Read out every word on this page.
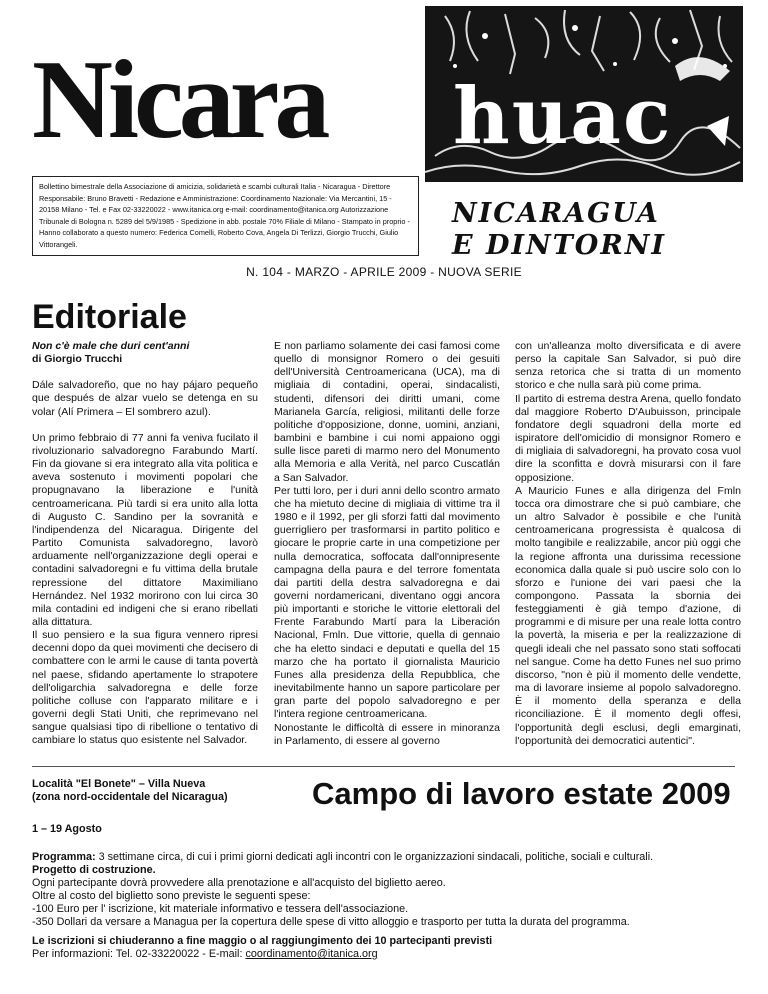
Nicara huac
Bollettino bimestrale della Associazione di amicizia, solidarietà e scambi culturali Italia - Nicaragua - Direttore Responsabile: Bruno Bravetti - Redazione e Amministrazione: Coordinamento Nazionale: Via Mercantini, 15 - 20158 Milano - Tel. e Fax 02-33220022 - www.itanica.org e-mail: coordinamento@itanica.org Autorizzazione Tribunale di Bologna n. 5289 del 5/9/1985 - Spedizione in abb. postale 70% Filiale di Milano - Stampato in proprio - Hanno collaborato a questo numero: Federica Comelli, Roberto Cova, Angela Di Terlizzi, Giorgio Trucchi, Giulio Vittorangeli.
NICARAGUA
E DINTORNI
N. 104 - MARZO - APRILE 2009 - NUOVA SERIE
Editoriale

Non c'è male che duri cent'anni

di Giorgio Trucchi

Dále salvadoreño, que no hay pájaro pequeño que después de alzar vuelo se detenga en su volar (Alí Primera – El sombrero azul).

Un primo febbraio di 77 anni fa veniva fucilato il rivoluzionario salvadoregno Farabundo Martí. Fin da giovane si era integrato alla vita politica e aveva sostenuto i movimenti popolari che propugnavano la liberazione e l'unità centroamericana. Più tardi si era unito alla lotta di Augusto C. Sandino per la sovranità e l'indipendenza del Nicaragua. Dirigente del Partito Comunista salvadoregno, lavorò arduamente nell'organizzazione degli operai e contadini salvadoregni e fu vittima della brutale repressione del dittatore Maximiliano Hernández. Nel 1932 morirono con lui circa 30 mila contadini ed indigeni che si erano ribellati alla dittatura.

Il suo pensiero e la sua figura vennero ripresi decenni dopo da quei movimenti che decisero di combattere con le armi le cause di tanta povertà nel paese, sfidando apertamente lo strapotere dell'oligarchia salvadoregna e delle forze politiche colluse con l'apparato militare e i governi degli Stati Uniti, che reprimevano nel sangue qualsiasi tipo di ribellione o tentativo di cambiare lo status quo esistente nel Salvador.

E non parliamo solamente dei casi famosi come quello di monsignor Romero o dei gesuiti dell'Università Centroamericana (UCA), ma di migliaia di contadini, operai, sindacalisti, studenti, difensori dei diritti umani, come Marianela García, religiosi, militanti delle forze politiche d'opposizione, donne, uomini, anziani, bambini e bambine i cui nomi appaiono oggi sulle lisce pareti di marmo nero del Monumento alla Memoria e alla Verità, nel parco Cuscatlán a San Salvador.

Per tutti loro, per i duri anni dello scontro armato che ha mietuto decine di migliaia di vittime tra il 1980 e il 1992, per gli sforzi fatti dal movimento guerrigliero per trasformarsi in partito politico e giocare le proprie carte in una competizione per nulla democratica, soffocata dall'onnipresente campagna della paura e del terrore fomentata dai partiti della destra salvadoregna e dai governi nordamericani, diventano oggi ancora più importanti e storiche le vittorie elettorali del Frente Farabundo Martí para la Liberación Nacional, Fmln. Due vittorie, quella di gennaio che ha eletto sindaci e deputati e quella del 15 marzo che ha portato il giornalista Mauricio Funes alla presidenza della Repubblica, che inevitabilmente hanno un sapore particolare per gran parte del popolo salvadoregno e per l'intera regione centroamericana.

Nonostante le difficoltà di essere in minoranza in Parlamento, di essere al governo

con un'alleanza molto diversificata e di avere perso la capitale San Salvador, si può dire senza retorica che si tratta di un momento storico e che nulla sarà più come prima.

Il partito di estrema destra Arena, quello fondato dal maggiore Roberto D'Aubuisson, principale fondatore degli squadroni della morte ed ispiratore dell'omicidio di monsignor Romero e di migliaia di salvadoregni, ha provato cosa vuol dire la sconfitta e dovrà misurarsi con il fare opposizione.

A Mauricio Funes e alla dirigenza del Fmln tocca ora dimostrare che si può cambiare, che un altro Salvador è possibile e che l'unità centroamericana progressista è qualcosa di molto tangibile e realizzabile, ancor più oggi che la regione affronta una durissima recessione economica dalla quale si può uscire solo con lo sforzo e l'unione dei vari paesi che la compongono. Passata la sbornia dei festeggiamenti è già tempo d'azione, di programmi e di misure per una reale lotta contro la povertà, la miseria e per la realizzazione di quegli ideali che nel passato sono stati soffocati nel sangue. Come ha detto Funes nel suo primo discorso, "non è più il momento delle vendette, ma di lavorare insieme al popolo salvadoregno. È il momento della speranza e della riconciliazione. È il momento degli offesi, l'opportunità degli esclusi, degli emarginati, l'opportunità dei democratici autentici".

Località "El Bonete" – Villa Nueva
(zona nord-occidentale del Nicaragua)	Campo di lavoro estate 2009
1 – 19 Agosto

Programma: 3 settimane circa, di cui i primi giorni dedicati agli incontri con le organizzazioni sindacali, politiche, sociali e culturali.

Progetto di costruzione.

Ogni partecipante dovrà provvedere alla prenotazione e all'acquisto del biglietto aereo.

Oltre al costo del biglietto sono previste le seguenti spese:

-100 Euro per l' iscrizione, kit materiale informativo e tessera dell'associazione.

-350 Dollari da versare a Managua per la copertura delle spese di vitto alloggio e trasporto per tutta la durata del programma.

Le iscrizioni si chiuderanno a fine maggio o al raggiungimento dei 10 partecipanti previsti
Per informazioni: Tel. 02-33220022 - E-mail: coordinamento@itanica.org
